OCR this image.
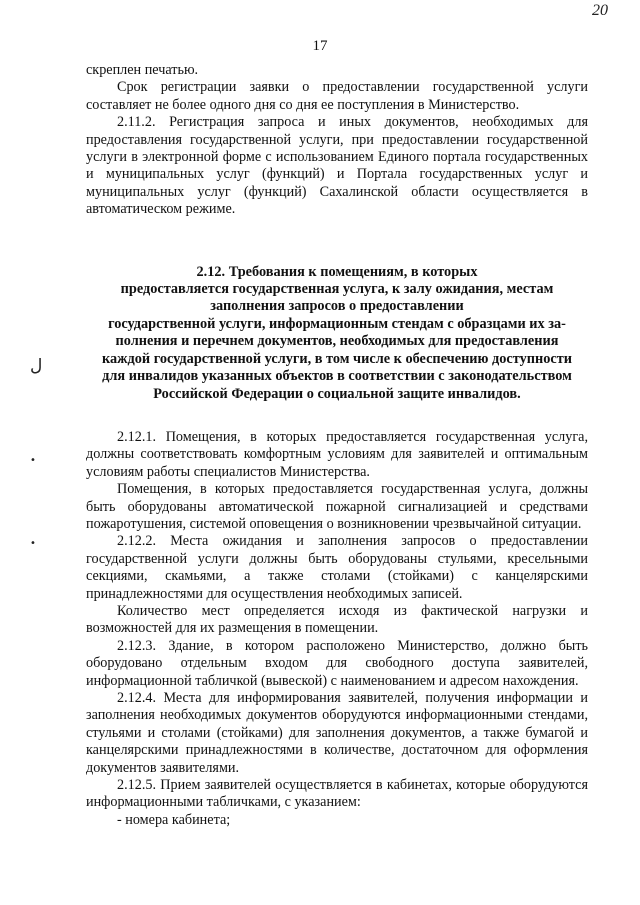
20
17
ﻝ
•
•

скреплен печатью.

Срок регистрации заявки о предоставлении государственной услуги составляет не более одного дня со дня ее поступления в Министерство.

2.11.2. Регистрация запроса и иных документов, необходимых для предоставления государственной услуги, при предоставлении государственной услуги в электронной форме с использованием Единого портала государственных и муниципальных услуг (функций) и Портала государственных услуг и муниципальных услуг (функций) Сахалинской области осуществляется в автоматическом режиме.

2.12. Требования к помещениям, в которых
предоставляется государственная услуга, к залу ожидания, местам
заполнения запросов о предоставлении
государственной услуги, информационным стендам с образцами их за-
полнения и перечнем документов, необходимых для предоставления
каждой государственной услуги, в том числе к обеспечению доступности
для инвалидов указанных объектов в соответствии с законодательством
Российской Федерации о социальной защите инвалидов.

2.12.1. Помещения, в которых предоставляется государственная услуга, должны соответствовать комфортным условиям для заявителей и оптимальным условиям работы специалистов Министерства.

Помещения, в которых предоставляется государственная услуга, должны быть оборудованы автоматической пожарной сигнализацией и средствами пожаротушения, системой оповещения о возникновении чрезвычайной ситуации.

2.12.2. Места ожидания и заполнения запросов о предоставлении государственной услуги должны быть оборудованы стульями, кресельными секциями, скамьями, а также столами (стойками) с канцелярскими принадлежностями для осуществления необходимых записей.

Количество мест определяется исходя из фактической нагрузки и возможностей для их размещения в помещении.

2.12.3. Здание, в котором расположено Министерство, должно быть оборудовано отдельным входом для свободного доступа заявителей, информационной табличкой (вывеской) с наименованием и адресом нахождения.

2.12.4. Места для информирования заявителей, получения информации и заполнения необходимых документов оборудуются информационными стендами, стульями и столами (стойками) для заполнения документов, а также бумагой и канцелярскими принадлежностями в количестве, достаточном для оформления документов заявителями.

2.12.5. Прием заявителей осуществляется в кабинетах, которые оборудуются информационными табличками, с указанием:

- номера кабинета;
